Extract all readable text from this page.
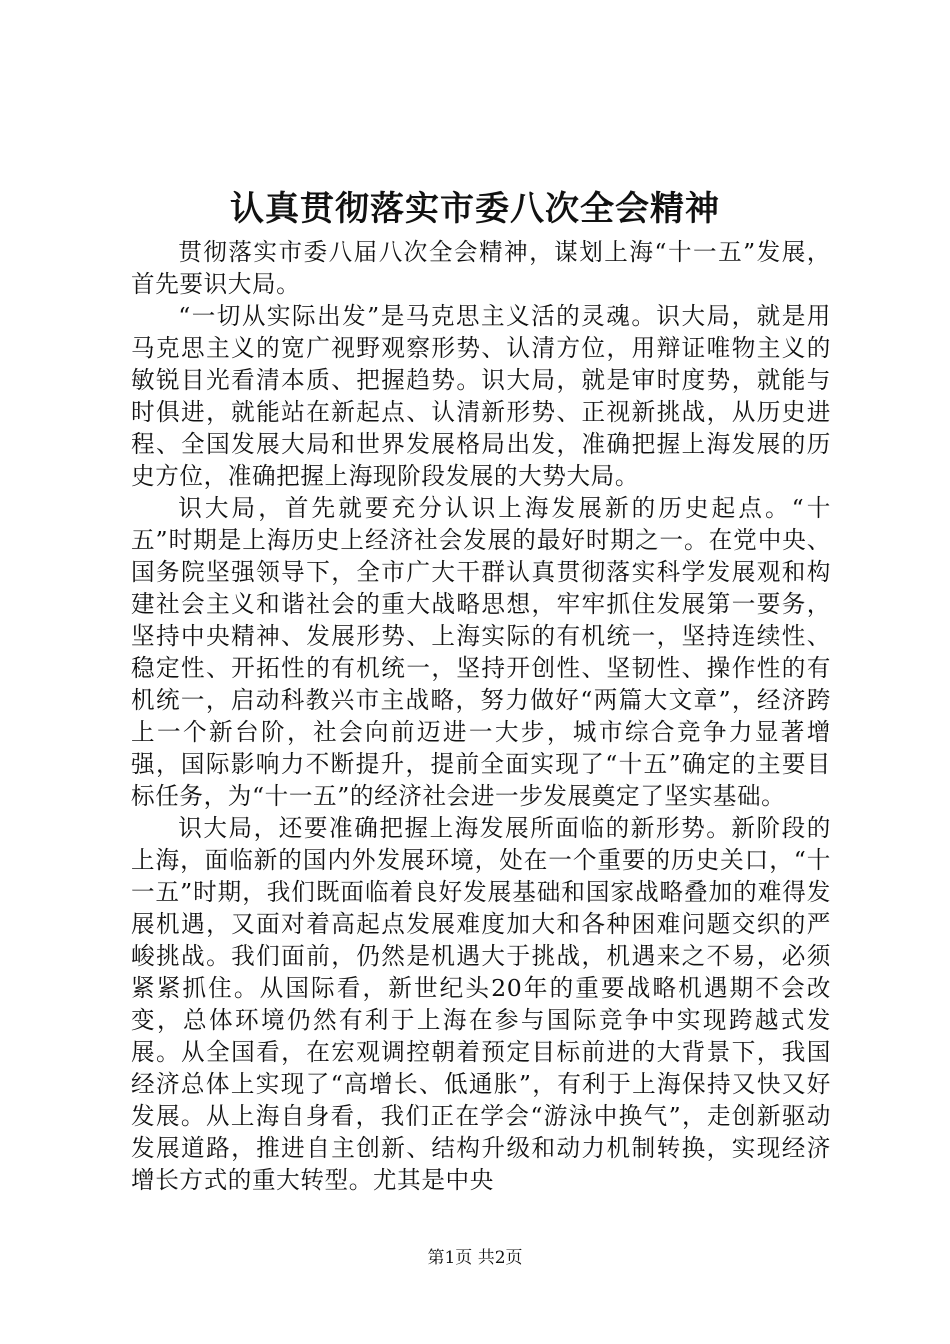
认真贯彻落实市委八次全会精神

贯彻落实市委八届八次全会精神，谋划上海“十一五”发展，首先要识大局。

“一切从实际出发”是马克思主义活的灵魂。识大局，就是用马克思主义的宽广视野观察形势、认清方位，用辩证唯物主义的敏锐目光看清本质、把握趋势。识大局，就是审时度势，就能与时俱进，就能站在新起点、认清新形势、正视新挑战，从历史进程、全国发展大局和世界发展格局出发，准确把握上海发展的历史方位，准确把握上海现阶段发展的大势大局。

识大局，首先就要充分认识上海发展新的历史起点。“十五”时期是上海历史上经济社会发展的最好时期之一。在党中央、国务院坚强领导下，全市广大干群认真贯彻落实科学发展观和构建社会主义和谐社会的重大战略思想，牢牢抓住发展第一要务，坚持中央精神、发展形势、上海实际的有机统一，坚持连续性、稳定性、开拓性的有机统一，坚持开创性、坚韧性、操作性的有机统一，启动科教兴市主战略，努力做好“两篇大文章”，经济跨上一个新台阶，社会向前迈进一大步，城市综合竞争力显著增强，国际影响力不断提升，提前全面实现了“十五”确定的主要目标任务，为“十一五”的经济社会进一步发展奠定了坚实基础。

识大局，还要准确把握上海发展所面临的新形势。新阶段的上海，面临新的国内外发展环境，处在一个重要的历史关口，“十一五”时期，我们既面临着良好发展基础和国家战略叠加的难得发展机遇，又面对着高起点发展难度加大和各种困难问题交织的严峻挑战。我们面前，仍然是机遇大于挑战，机遇来之不易，必须紧紧抓住。从国际看，新世纪头20年的重要战略机遇期不会改变，总体环境仍然有利于上海在参与国际竞争中实现跨越式发展。从全国看，在宏观调控朝着预定目标前进的大背景下，我国经济总体上实现了“高增长、低通胀”，有利于上海保持又快又好发展。从上海自身看，我们正在学会“游泳中换气”，走创新驱动发展道路，推进自主创新、结构升级和动力机制转换，实现经济增长方式的重大转型。尤其是中央

第1页 共2页
